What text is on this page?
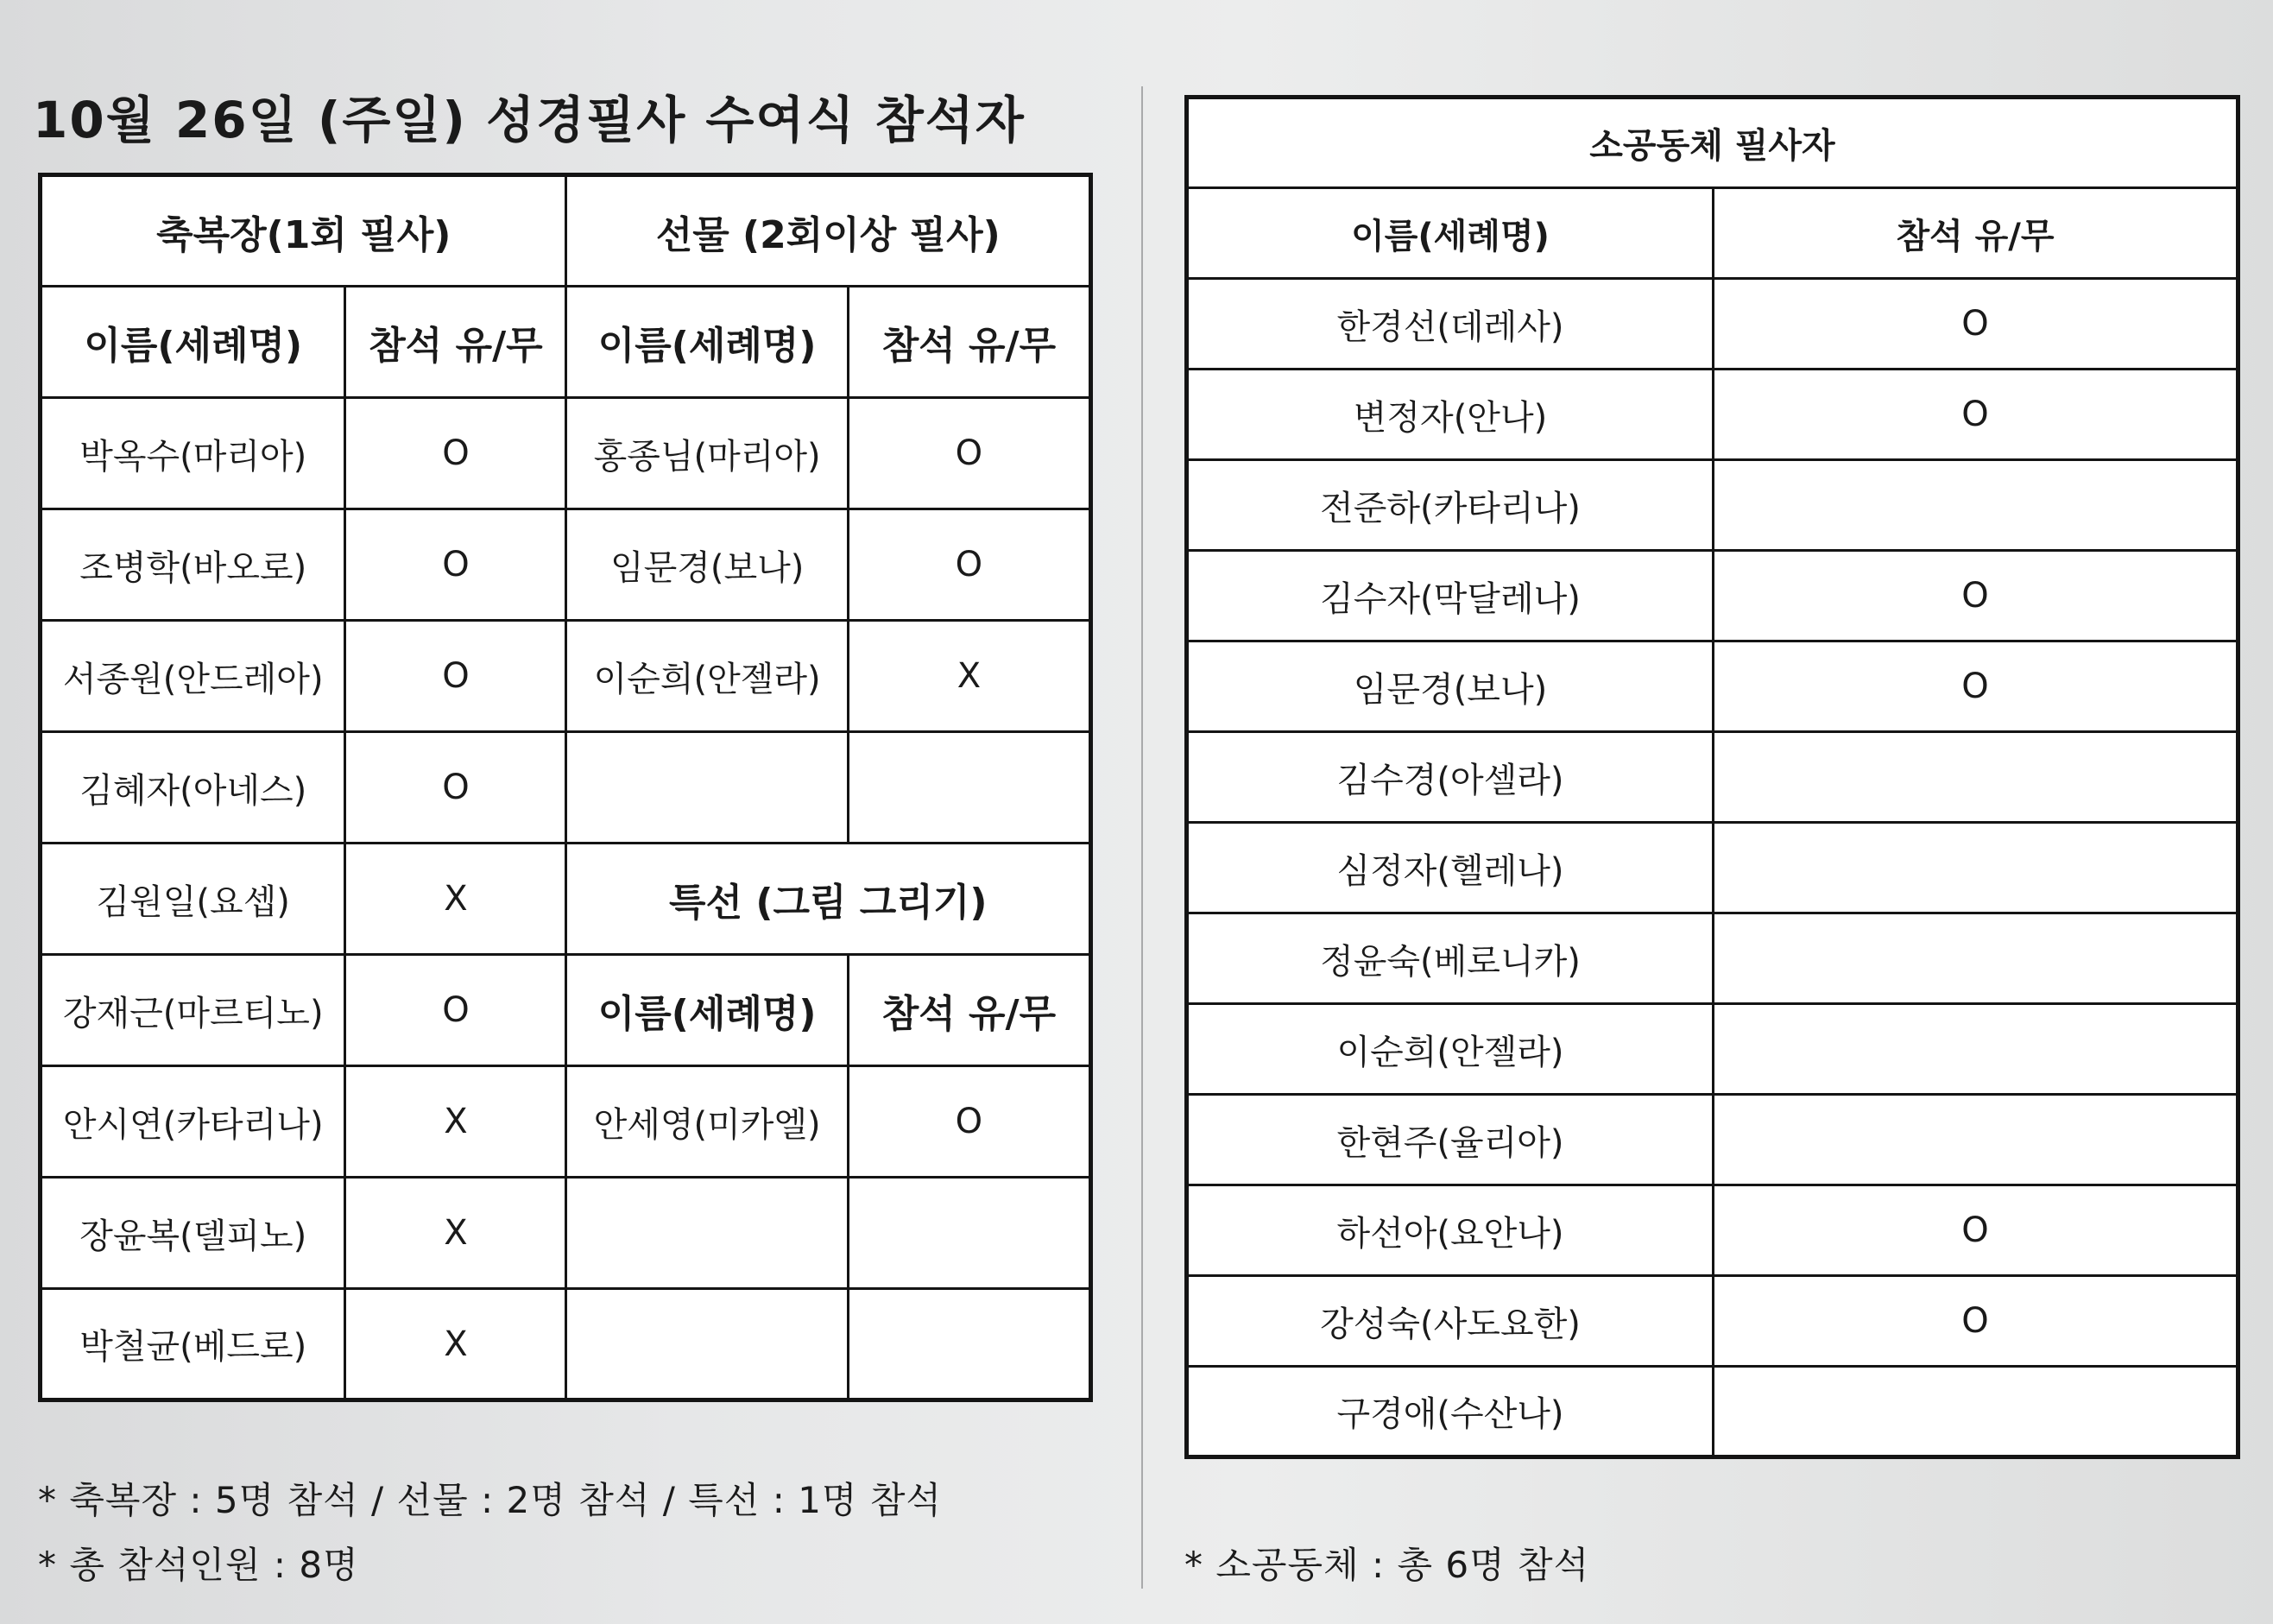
10월 26일 (주일) 성경필사 수여식 참석자
축복장(1회 필사)		선물 (2회이상 필사)	
이름(세례명)	참석 유/무	이름(세례명)	참석 유/무
박옥수(마리아)	O	홍종님(마리아)	O
조병학(바오로)	O	임문경(보나)	O
서종원(안드레아)	O	이순희(안젤라)	X
김혜자(아네스)	O		
김원일(요셉)	X	특선 (그림 그리기)	
강재근(마르티노)	O	이름(세례명)	참석 유/무
안시연(카타리나)	X	안세영(미카엘)	O
장윤복(델피노)	X		
박철균(베드로)	X		
소공동체 필사자	
이름(세례명)	참석 유/무
한경선(데레사)	O
변정자(안나)	O
전준하(카타리나)	
김수자(막달레나)	O
임문경(보나)	O
김수경(아셀라)	
심정자(헬레나)	
정윤숙(베로니카)	
이순희(안젤라)	
한현주(율리아)	
하선아(요안나)	O
강성숙(사도요한)	O
구경애(수산나)	
* 축복장 : 5명 참석 / 선물 : 2명 참석 / 특선 : 1명 참석
* 총 참석인원 : 8명	* 소공동체 : 총 6명 참석
